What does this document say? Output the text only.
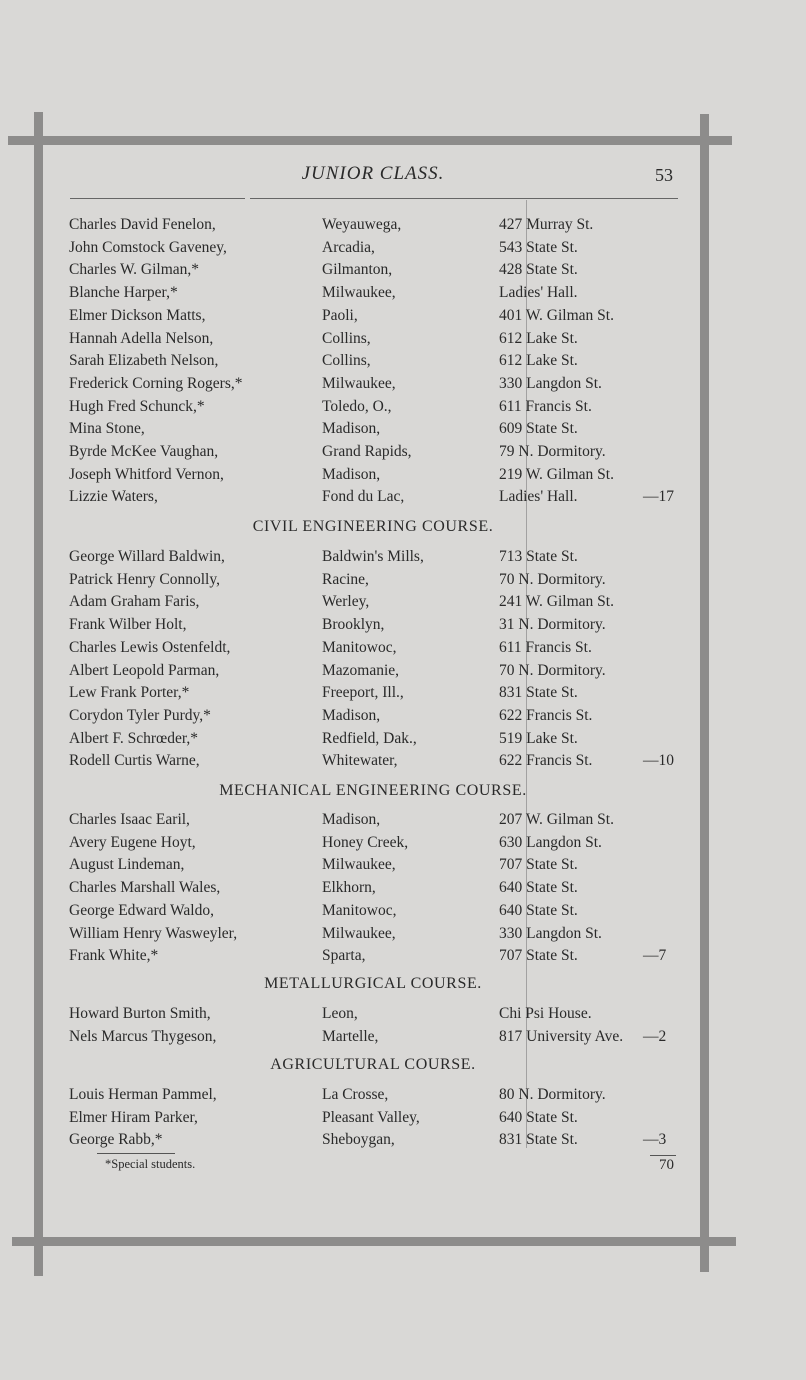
JUNIOR CLASS.	53
Charles David Fenelon,	Weyauwega,	427 Murray St.
John Comstock Gaveney,	Arcadia,	543 State St.
Charles W. Gilman,*	Gilmanton,	428 State St.
Blanche Harper,*	Milwaukee,	Ladies' Hall.
Elmer Dickson Matts,	Paoli,	401 W. Gilman St.
Hannah Adella Nelson,	Collins,	612 Lake St.
Sarah Elizabeth Nelson,	Collins,	612 Lake St.
Frederick Corning Rogers,*	Milwaukee,	330 Langdon St.
Hugh Fred Schunck,*	Toledo, O.,	611 Francis St.
Mina Stone,	Madison,	609 State St.
Byrde McKee Vaughan,	Grand Rapids,	79 N. Dormitory.
Joseph Whitford Vernon,	Madison,	219 W. Gilman St.
Lizzie Waters,	Fond du Lac,	Ladies' Hall.	—17
CIVIL ENGINEERING COURSE.
George Willard Baldwin,	Baldwin's Mills,	713 State St.
Patrick Henry Connolly,	Racine,	70 N. Dormitory.
Adam Graham Faris,	Werley,	241 W. Gilman St.
Frank Wilber Holt,	Brooklyn,	31 N. Dormitory.
Charles Lewis Ostenfeldt,	Manitowoc,	611 Francis St.
Albert Leopold Parman,	Mazomanie,	70 N. Dormitory.
Lew Frank Porter,*	Freeport, Ill.,	831 State St.
Corydon Tyler Purdy,*	Madison,	622 Francis St.
Albert F. Schrœder,*	Redfield, Dak.,	519 Lake St.
Rodell Curtis Warne,	Whitewater,	622 Francis St.	—10
MECHANICAL ENGINEERING COURSE.
Charles Isaac Earil,	Madison,	207 W. Gilman St.
Avery Eugene Hoyt,	Honey Creek,	630 Langdon St.
August Lindeman,	Milwaukee,	707 State St.
Charles Marshall Wales,	Elkhorn,	640 State St.
George Edward Waldo,	Manitowoc,	640 State St.
William Henry Wasweyler,	Milwaukee,	330 Langdon St.
Frank White,*	Sparta,	707 State St.	—7
METALLURGICAL COURSE.
Howard Burton Smith,	Leon,	Chi Psi House.
Nels Marcus Thygeson,	Martelle,	817 University Ave. —2
AGRICULTURAL COURSE.
Louis Herman Pammel,	La Crosse,	80 N. Dormitory.
Elmer Hiram Parker,	Pleasant Valley,	640 State St.
George Rabb,*	Sheboygan,	831 State St.	—3
*Special students.	70
